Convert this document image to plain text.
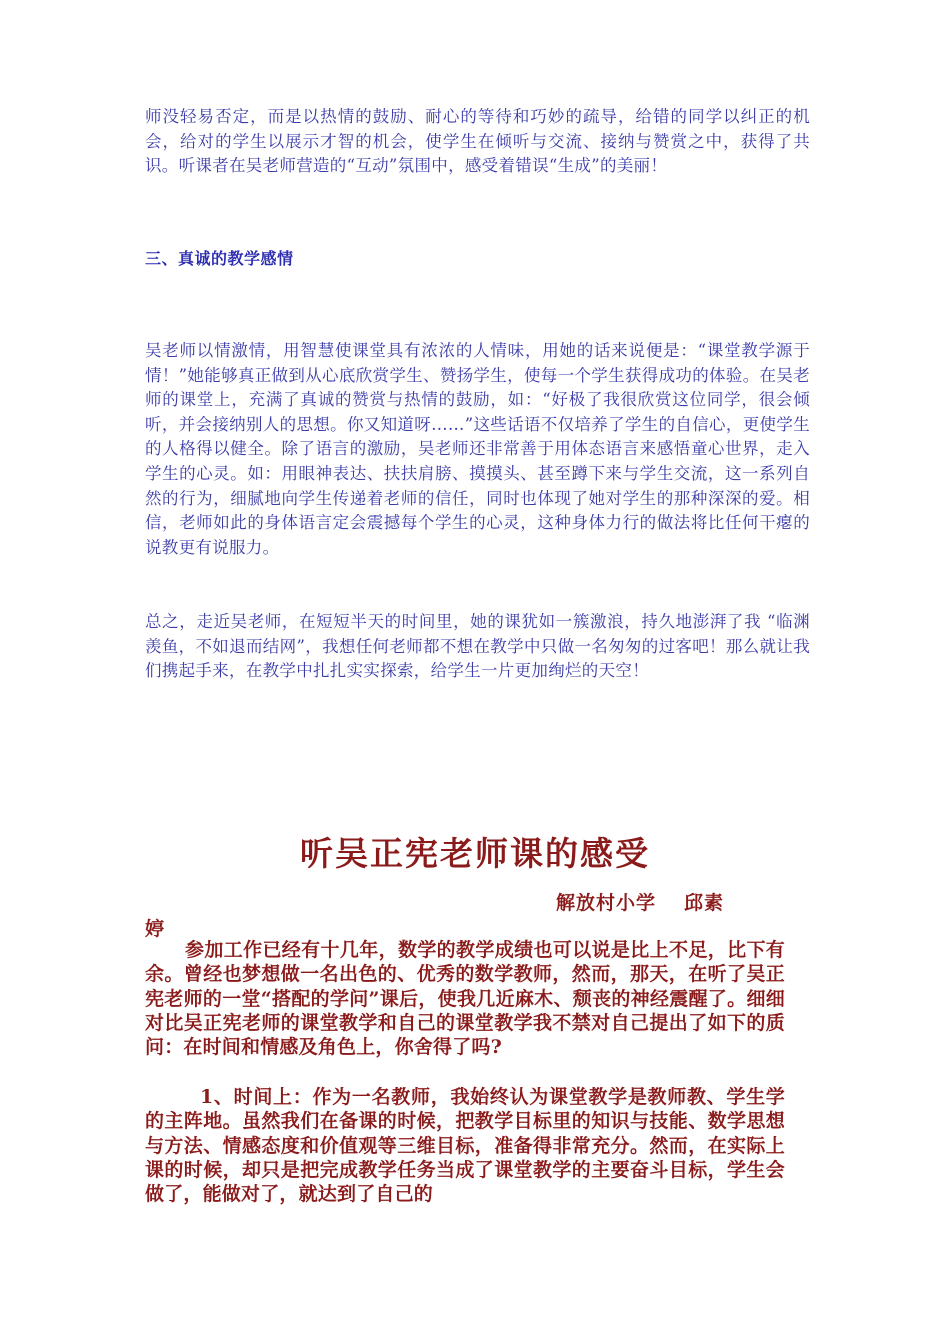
师没轻易否定，而是以热情的鼓励、耐心的等待和巧妙的疏导，给错的同学以纠正的机会，给对的学生以展示才智的机会，使学生在倾听与交流、接纳与赞赏之中，获得了共识。听课者在吴老师营造的“互动”氛围中，感受着错误“生成”的美丽！

三、真诚的教学感情

吴老师以情激情，用智慧使课堂具有浓浓的人情味，用她的话来说便是：“课堂教学源于情！”她能够真正做到从心底欣赏学生、赞扬学生，使每一个学生获得成功的体验。在吴老师的课堂上，充满了真诚的赞赏与热情的鼓励，如：“好极了我很欣赏这位同学，很会倾听，并会接纳别人的思想。你又知道呀……”这些话语不仅培养了学生的自信心，更使学生的人格得以健全。除了语言的激励，吴老师还非常善于用体态语言来感悟童心世界，走入学生的心灵。如：用眼神表达、扶扶肩膀、摸摸头、甚至蹲下来与学生交流，这一系列自然的行为，细腻地向学生传递着老师的信任，同时也体现了她对学生的那种深深的爱。相信，老师如此的身体语言定会震撼每个学生的心灵，这种身体力行的做法将比任何干瘪的说教更有说服力。

总之，走近吴老师，在短短半天的时间里，她的课犹如一簇激浪，持久地澎湃了我 “临渊羡鱼，不如退而结网”，我想任何老师都不想在教学中只做一名匆匆的过客吧！那么就让我们携起手来，在教学中扎扎实实探索，给学生一片更加绚烂的天空！

听吴正宪老师课的感受
解放村小学 邱素
婷

参加工作已经有十几年，数学的教学成绩也可以说是比上不足，比下有余。曾经也梦想做一名出色的、优秀的数学教师，然而，那天，在听了吴正宪老师的一堂“搭配的学问”课后，使我几近麻木、颓丧的神经震醒了。细细对比吴正宪老师的课堂教学和自己的课堂教学我不禁对自己提出了如下的质问：在时间和情感及角色上，你舍得了吗?

1、时间上：作为一名教师，我始终认为课堂教学是教师教、学生学的主阵地。虽然我们在备课的时候，把教学目标里的知识与技能、数学思想与方法、情感态度和价值观等三维目标，准备得非常充分。然而，在实际上课的时候，却只是把完成教学任务当成了课堂教学的主要奋斗目标，学生会做了，能做对了，就达到了自己的
